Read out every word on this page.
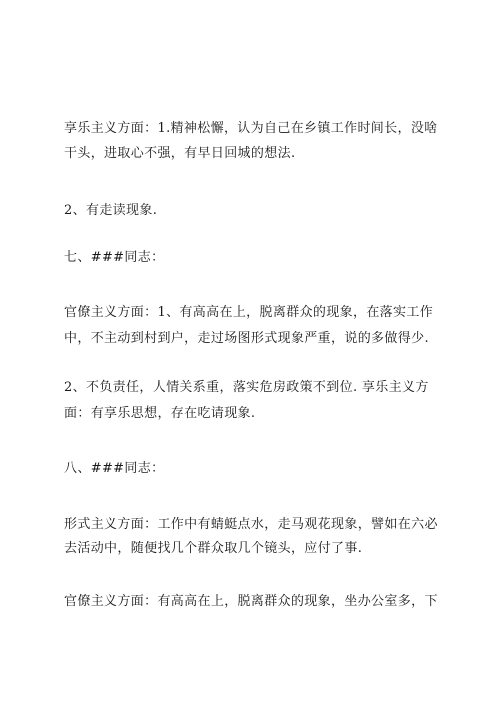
享乐主义方面：1.精神松懈，认为自己在乡镇工作时间长，没啥
干头，进取心不强，有早日回城的想法.
2、有走读现象.
七、###同志：
官僚主义方面：1、有高高在上，脱离群众的现象，在落实工作
中，不主动到村到户，走过场图形式现象严重，说的多做得少.
2、不负责任，人情关系重，落实危房政策不到位. 享乐主义方
面：有享乐思想，存在吃请现象.
八、###同志：
形式主义方面：工作中有蜻蜓点水，走马观花现象，譬如在六必
去活动中，随便找几个群众取几个镜头，应付了事.
官僚主义方面：有高高在上，脱离群众的现象，坐办公室多，下
